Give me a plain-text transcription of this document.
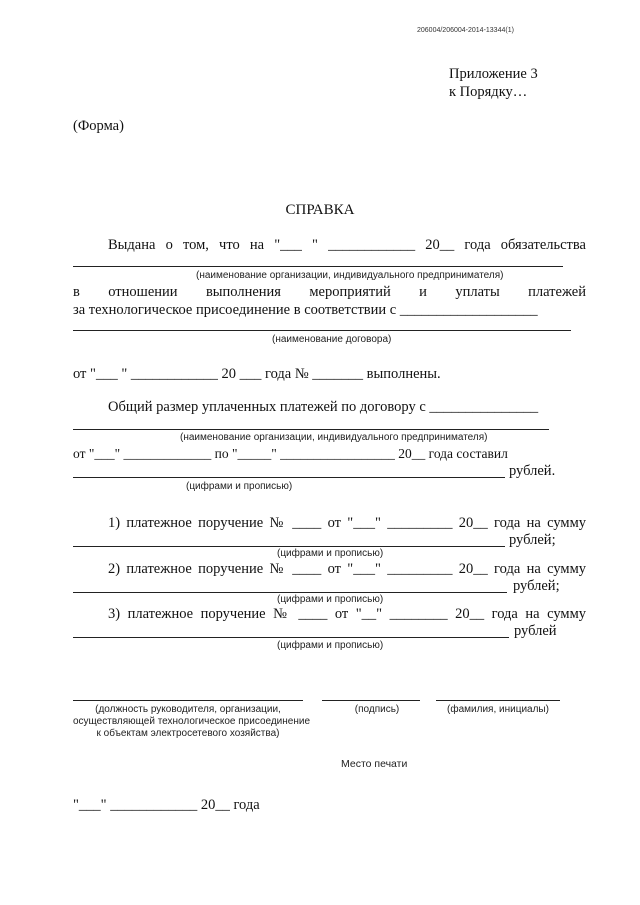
206004/206004-2014-13344(1)
Приложение 3
к Порядку…
(Форма)
СПРАВКА
Выдана о том, что на "___ " ____________ 20__ года обязательства
(наименование организации, индивидуального предпринимателя)
в отношении выполнения мероприятий и уплаты платежей
за технологическое присоединение в соответствии с ___________________
(наименование договора)
от "___ " ____________ 20 ___ года № _______ выполнены.
Общий размер уплаченных платежей по договору с _______________
(наименование организации, индивидуального предпринимателя)
от "___" _____________ по "_____" _________________ 20__ года составил
рублей.
(цифрами и прописью)
1) платежное поручение № ____ от "___" _________ 20__ года на сумму
рублей;
(цифрами и прописью)
2) платежное поручение № ____ от "___" _________ 20__ года на сумму
рублей;
(цифрами и прописью)
3) платежное поручение № ____ от "__" ________ 20__ года на сумму
рублей
(цифрами и прописью)
(должность руководителя, организации,
осуществляющей технологическое присоединение
к объектам электросетевого хозяйства)
(подпись)	(фамилия, инициалы)
Место печати
"___" ____________ 20__ года
